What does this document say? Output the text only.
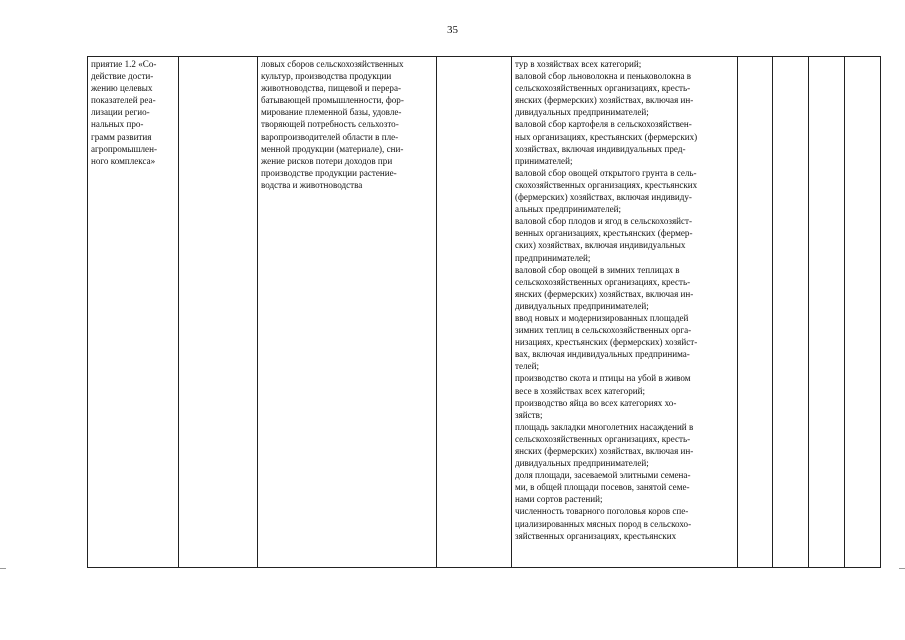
35
приятие 1.2 «Со-
действие дости-
жению целевых
показателей реа-
лизации регио-
нальных про-
грамм развития
агропромышлен-
ного комплекса»

ловых сборов сельскохозяйственных
культур, производства продукции
животноводства, пищевой и перера-
батывающей промышленности, фор-
мирование племенной базы, удовле-
творяющей потребность сельхозто-
варопроизводителей области в пле-
менной продукции (материале), сни-
жение рисков потери доходов при
производстве продукции растение-
водства и животноводства

тур в хозяйствах всех категорий;
валовой сбор льноволокна и пеньковолокна в
сельскохозяйственных организациях, кресть-
янских (фермерских) хозяйствах, включая ин-
дивидуальных предпринимателей;
валовой сбор картофеля в сельскохозяйствен-
ных организациях, крестьянских (фермерских)
хозяйствах, включая индивидуальных пред-
принимателей;
валовой сбор овощей открытого грунта в сель-
скохозяйственных организациях, крестьянских
(фермерских) хозяйствах, включая индивиду-
альных предпринимателей;
валовой сбор плодов и ягод в сельскохозяйст-
венных организациях, крестьянских (фермер-
ских) хозяйствах, включая индивидуальных
предпринимателей;
валовой сбор овощей в зимних теплицах в
сельскохозяйственных организациях, кресть-
янских (фермерских) хозяйствах, включая ин-
дивидуальных предпринимателей;
ввод новых и модернизированных площадей
зимних теплиц в сельскохозяйственных орга-
низациях, крестьянских (фермерских) хозяйст-
вах, включая индивидуальных предпринима-
телей;
производство скота и птицы на убой в живом
весе в хозяйствах всех категорий;
производство яйца во всех категориях хо-
зяйств;
площадь закладки многолетних насаждений в
сельскохозяйственных организациях, кресть-
янских (фермерских) хозяйствах, включая ин-
дивидуальных предпринимателей;
доля площади, засеваемой элитными семена-
ми, в общей площади посевов, занятой семе-
нами сортов растений;
численность товарного поголовья коров спе-
циализированных мясных пород в сельскохо-
зяйственных организациях, крестьянских
